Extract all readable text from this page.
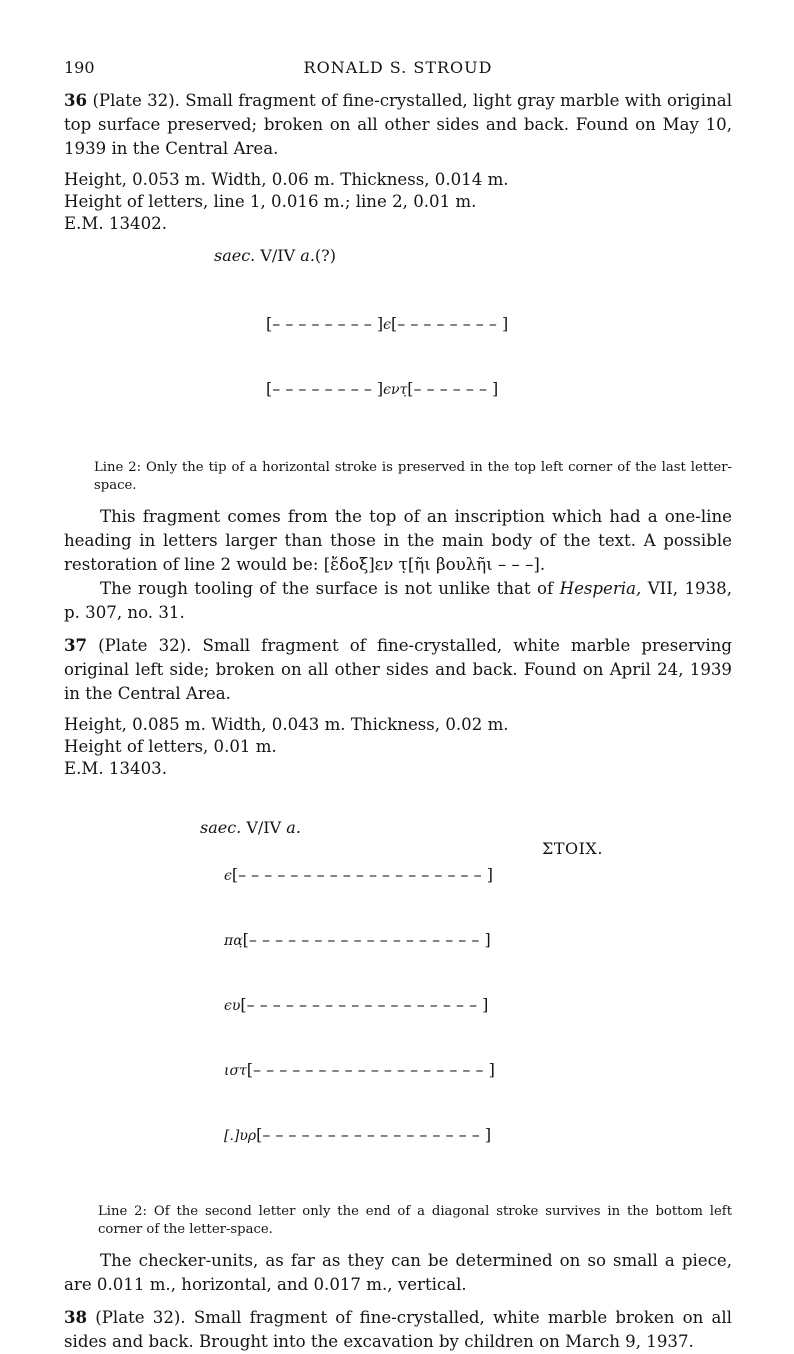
190	RONALD S. STROUD

36 (Plate 32). Small fragment of fine-crystalled, light gray marble with original top surface preserved; broken on all other sides and back. Found on May 10, 1939 in the Central Area.

Height, 0.053 m. Width, 0.06 m. Thickness, 0.014 m.
Height of letters, line 1, 0.016 m.; line 2, 0.01 m.
E.M. 13402.
saec. V/IV a.(?)

[– – – – – – – – ]ϵ[– – – – – – – – ]

[– – – – – – – – ]ϵντ̣[– – – – – – ]

Line 2: Only the tip of a horizontal stroke is preserved in the top left corner of the last letter-space.

This fragment comes from the top of an inscription which had a one-line heading in letters larger than those in the main body of the text. A possible restoration of line 2 would be: [ἔδοξ]εν τ̣[ῆι βουλῆι – – –].

The rough tooling of the surface is not unlike that of Hesperia, VII, 1938, p. 307, no. 31.

37 (Plate 32). Small fragment of fine-crystalled, white marble preserving original left side; broken on all other sides and back. Found on April 24, 1939 in the Central Area.

Height, 0.085 m. Width, 0.043 m. Thickness, 0.02 m.
Height of letters, 0.01 m.
E.M. 13403.

saec. V/IV a.

ΣΤΟΙΧ.

ϵ[– – – – – – – – – – – – – – – – – – – ]

πα̣[– – – – – – – – – – – – – – – – – – ]

ϵυ[– – – – – – – – – – – – – – – – – – ]

ιστ[– – – – – – – – – – – – – – – – – – ]

[.]υρ[– – – – – – – – – – – – – – – – – ]

Line 2: Of the second letter only the end of a diagonal stroke survives in the bottom left corner of the letter-space.

The checker-units, as far as they can be determined on so small a piece, are 0.011 m., horizontal, and 0.017 m., vertical.

38 (Plate 32). Small fragment of fine-crystalled, white marble broken on all sides and back. Brought into the excavation by children on March 9, 1937.
